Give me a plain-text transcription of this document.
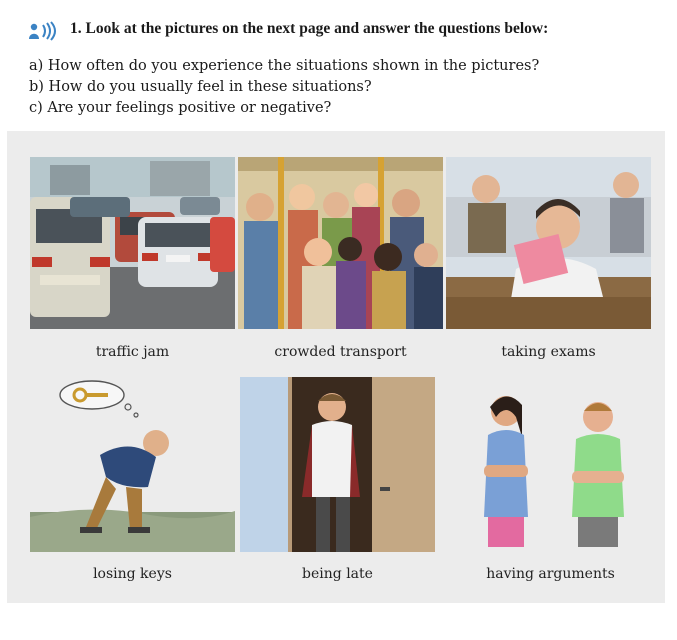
1. Look at the pictures on the next page and answer the questions below:
a) How often do you experience the situations shown in the pictures?
b) How do you usually feel in these situations?
c) Are your feelings positive or negative?
traffic jam	crowded transport	taking exams
losing keys	being late	having arguments
